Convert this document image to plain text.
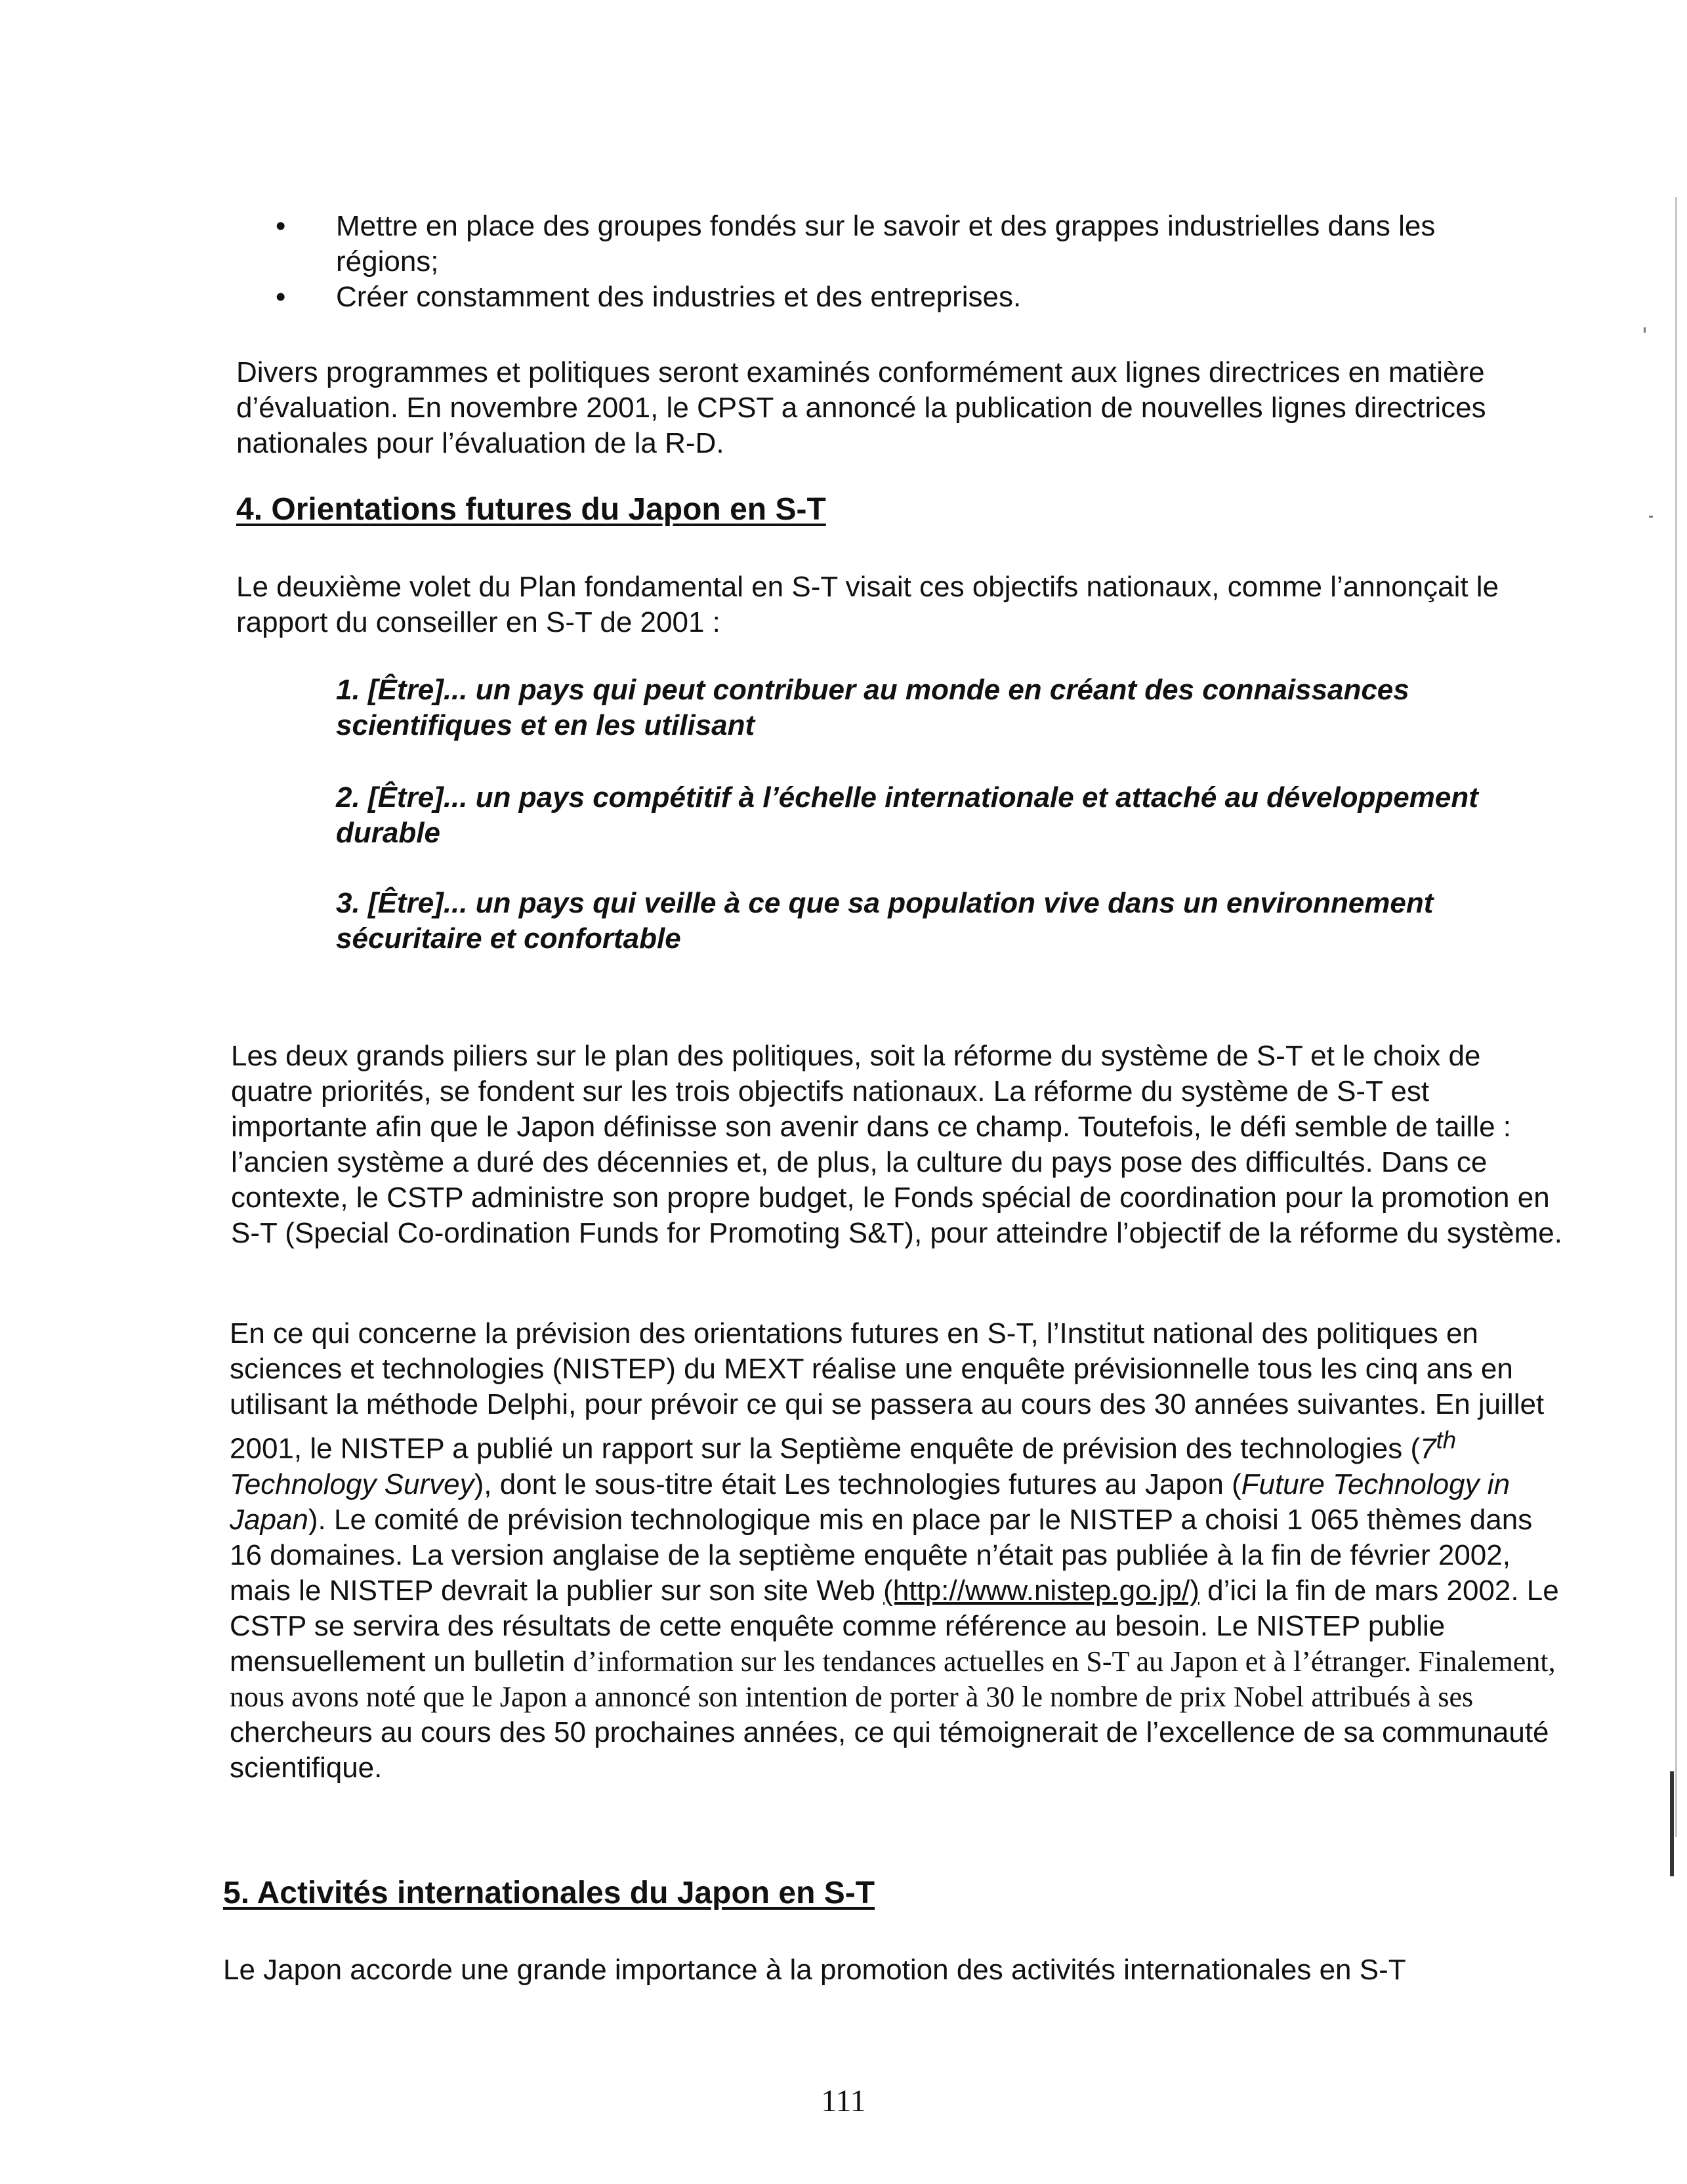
• Mettre en place des groupes fondés sur le savoir et des grappes industrielles dans les régions;
• Créer constamment des industries et des entreprises.

Divers programmes et politiques seront examinés conformément aux lignes directrices en matière d’évaluation. En novembre 2001, le CPST a annoncé la publication de nouvelles lignes directrices nationales pour l’évaluation de la R-D.

4. Orientations futures du Japon en S-T

Le deuxième volet du Plan fondamental en S-T visait ces objectifs nationaux, comme l’annonçait le rapport du conseiller en S-T de 2001 :

1. [Être]... un pays qui peut contribuer au monde en créant des connaissances scientifiques et en les utilisant

2. [Être]... un pays compétitif à l’échelle internationale et attaché au développement durable

3. [Être]... un pays qui veille à ce que sa population vive dans un environnement sécuritaire et confortable

Les deux grands piliers sur le plan des politiques, soit la réforme du système de S-T et le choix de quatre priorités, se fondent sur les trois objectifs nationaux. La réforme du système de S-T est importante afin que le Japon définisse son avenir dans ce champ. Toutefois, le défi semble de taille : l’ancien système a duré des décennies et, de plus, la culture du pays pose des difficultés. Dans ce contexte, le CSTP administre son propre budget, le Fonds spécial de coordination pour la promotion en S-T (Special Co-ordination Funds for Promoting S&T), pour atteindre l’objectif de la réforme du système.

En ce qui concerne la prévision des orientations futures en S-T, l’Institut national des politiques en sciences et technologies (NISTEP) du MEXT réalise une enquête prévisionnelle tous les cinq ans en utilisant la méthode Delphi, pour prévoir ce qui se passera au cours des 30 années suivantes. En juillet 2001, le NISTEP a publié un rapport sur la Septième enquête de prévision des technologies (7th Technology Survey), dont le sous-titre était Les technologies futures au Japon (Future Technology in Japan). Le comité de prévision technologique mis en place par le NISTEP a choisi 1 065 thèmes dans 16 domaines. La version anglaise de la septième enquête n’était pas publiée à la fin de février 2002, mais le NISTEP devrait la publier sur son site Web (http://www.nistep.go.jp/) d’ici la fin de mars 2002. Le CSTP se servira des résultats de cette enquête comme référence au besoin. Le NISTEP publie mensuellement un bulletin d’information sur les tendances actuelles en S-T au Japon et à l’étranger. Finalement, nous avons noté que le Japon a annoncé son intention de porter à 30 le nombre de prix Nobel attribués à ses chercheurs au cours des 50 prochaines années, ce qui témoignerait de l’excellence de sa communauté scientifique.

5. Activités internationales du Japon en S-T

Le Japon accorde une grande importance à la promotion des activités internationales en S-T

111
